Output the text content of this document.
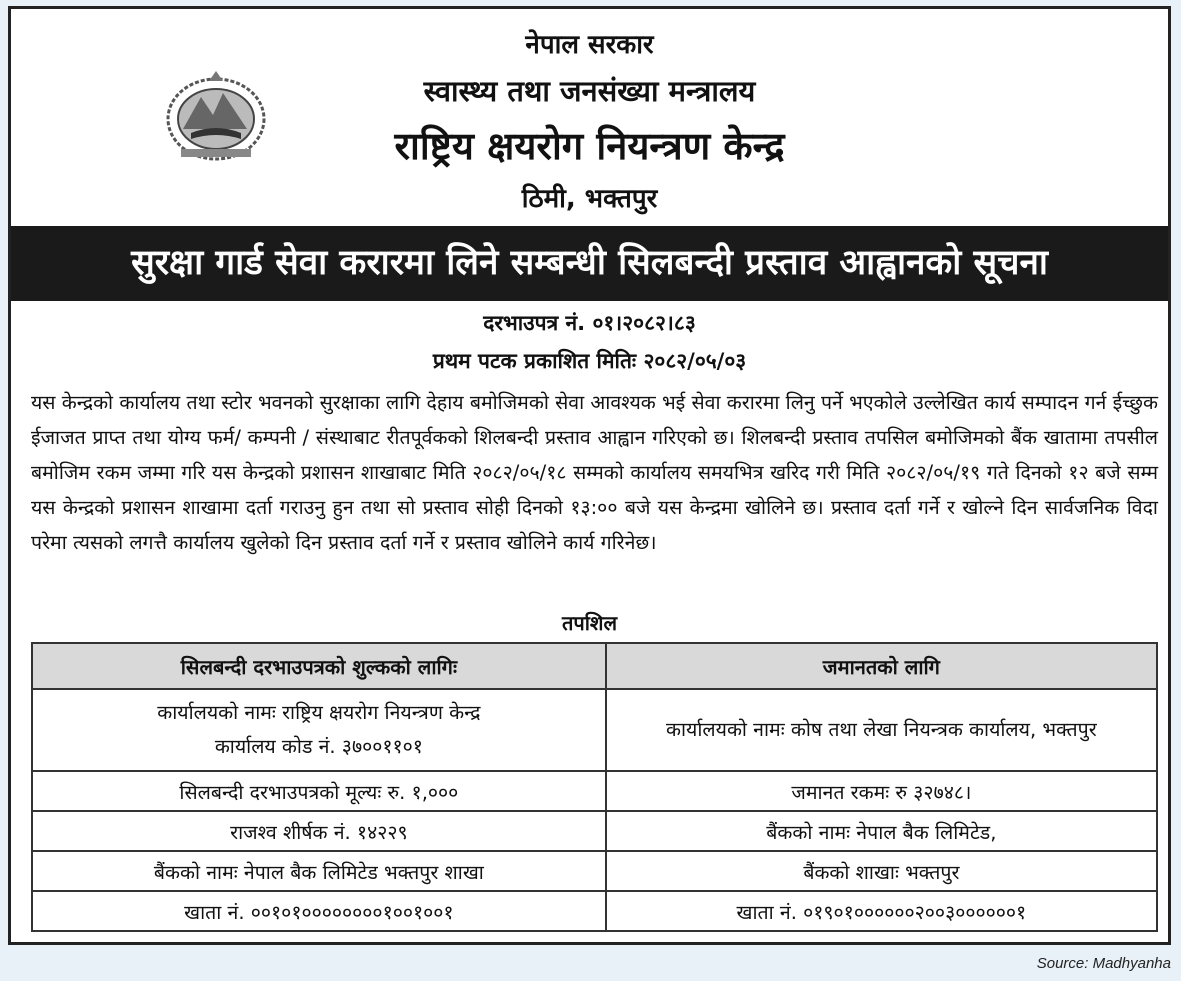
नेपाल सरकार
स्वास्थ्य तथा जनसंख्या मन्त्रालय
राष्ट्रिय क्षयरोग नियन्त्रण केन्द्र
ठिमी, भक्तपुर
सुरक्षा गार्ड सेवा करारमा लिने सम्बन्धी सिलबन्दी प्रस्ताव आह्वानको सूचना
दरभाउपत्र नं. ०१।२०८२।८३
प्रथम पटक प्रकाशित मितिः २०८२/०५/०३
यस केन्द्रको कार्यालय तथा स्टोर भवनको सुरक्षाका लागि देहाय बमोजिमको सेवा आवश्यक भई सेवा करारमा लिनु पर्ने भएकोले उल्लेखित कार्य सम्पादन गर्न ईच्छुक ईजाजत प्राप्त तथा योग्य फर्म/ कम्पनी / संस्थाबाट रीतपूर्वकको शिलबन्दी प्रस्ताव आह्वान गरिएको छ। शिलबन्दी प्रस्ताव तपसिल बमोजिमको बैंक खातामा तपसील बमोजिम रकम जम्मा गरि यस केन्द्रको प्रशासन शाखाबाट मिति २०८२/०५/१८ सम्मको कार्यालय समयभित्र खरिद गरी मिति २०८२/०५/१९ गते दिनको १२ बजे सम्म यस केन्द्रको प्रशासन शाखामा दर्ता गराउनु हुन तथा सो प्रस्ताव सोही दिनको १३:०० बजे यस केन्द्रमा खोलिने छ। प्रस्ताव दर्ता गर्ने र खोल्ने दिन सार्वजनिक विदा परेमा त्यसको लगत्तै कार्यालय खुलेको दिन प्रस्ताव दर्ता गर्ने र प्रस्ताव खोलिने कार्य गरिनेछ।
तपशिल
सिलबन्दी दरभाउपत्रको शुल्कको लागिः	जमानतको लागि

कार्यालयको नामः राष्ट्रिय क्षयरोग नियन्त्रण केन्द्र
कार्यालय कोड नं. ३७००११०१	कार्यालयको नामः कोष तथा लेखा नियन्त्रक कार्यालय, भक्तपुर
सिलबन्दी दरभाउपत्रको मूल्यः रु. १,०००	जमानत रकमः रु ३२७४८।
राजश्व शीर्षक नं. १४२२९	बैंकको नामः नेपाल बैक लिमिटेड,
बैंकको नामः नेपाल बैक लिमिटेड भक्तपुर शाखा	बैंकको शाखाः भक्तपुर
खाता नं. ००१०१००००००००१००१००१	खाता नं. ०१९०१००००००२००३००००००१
Source: Madhyanha
